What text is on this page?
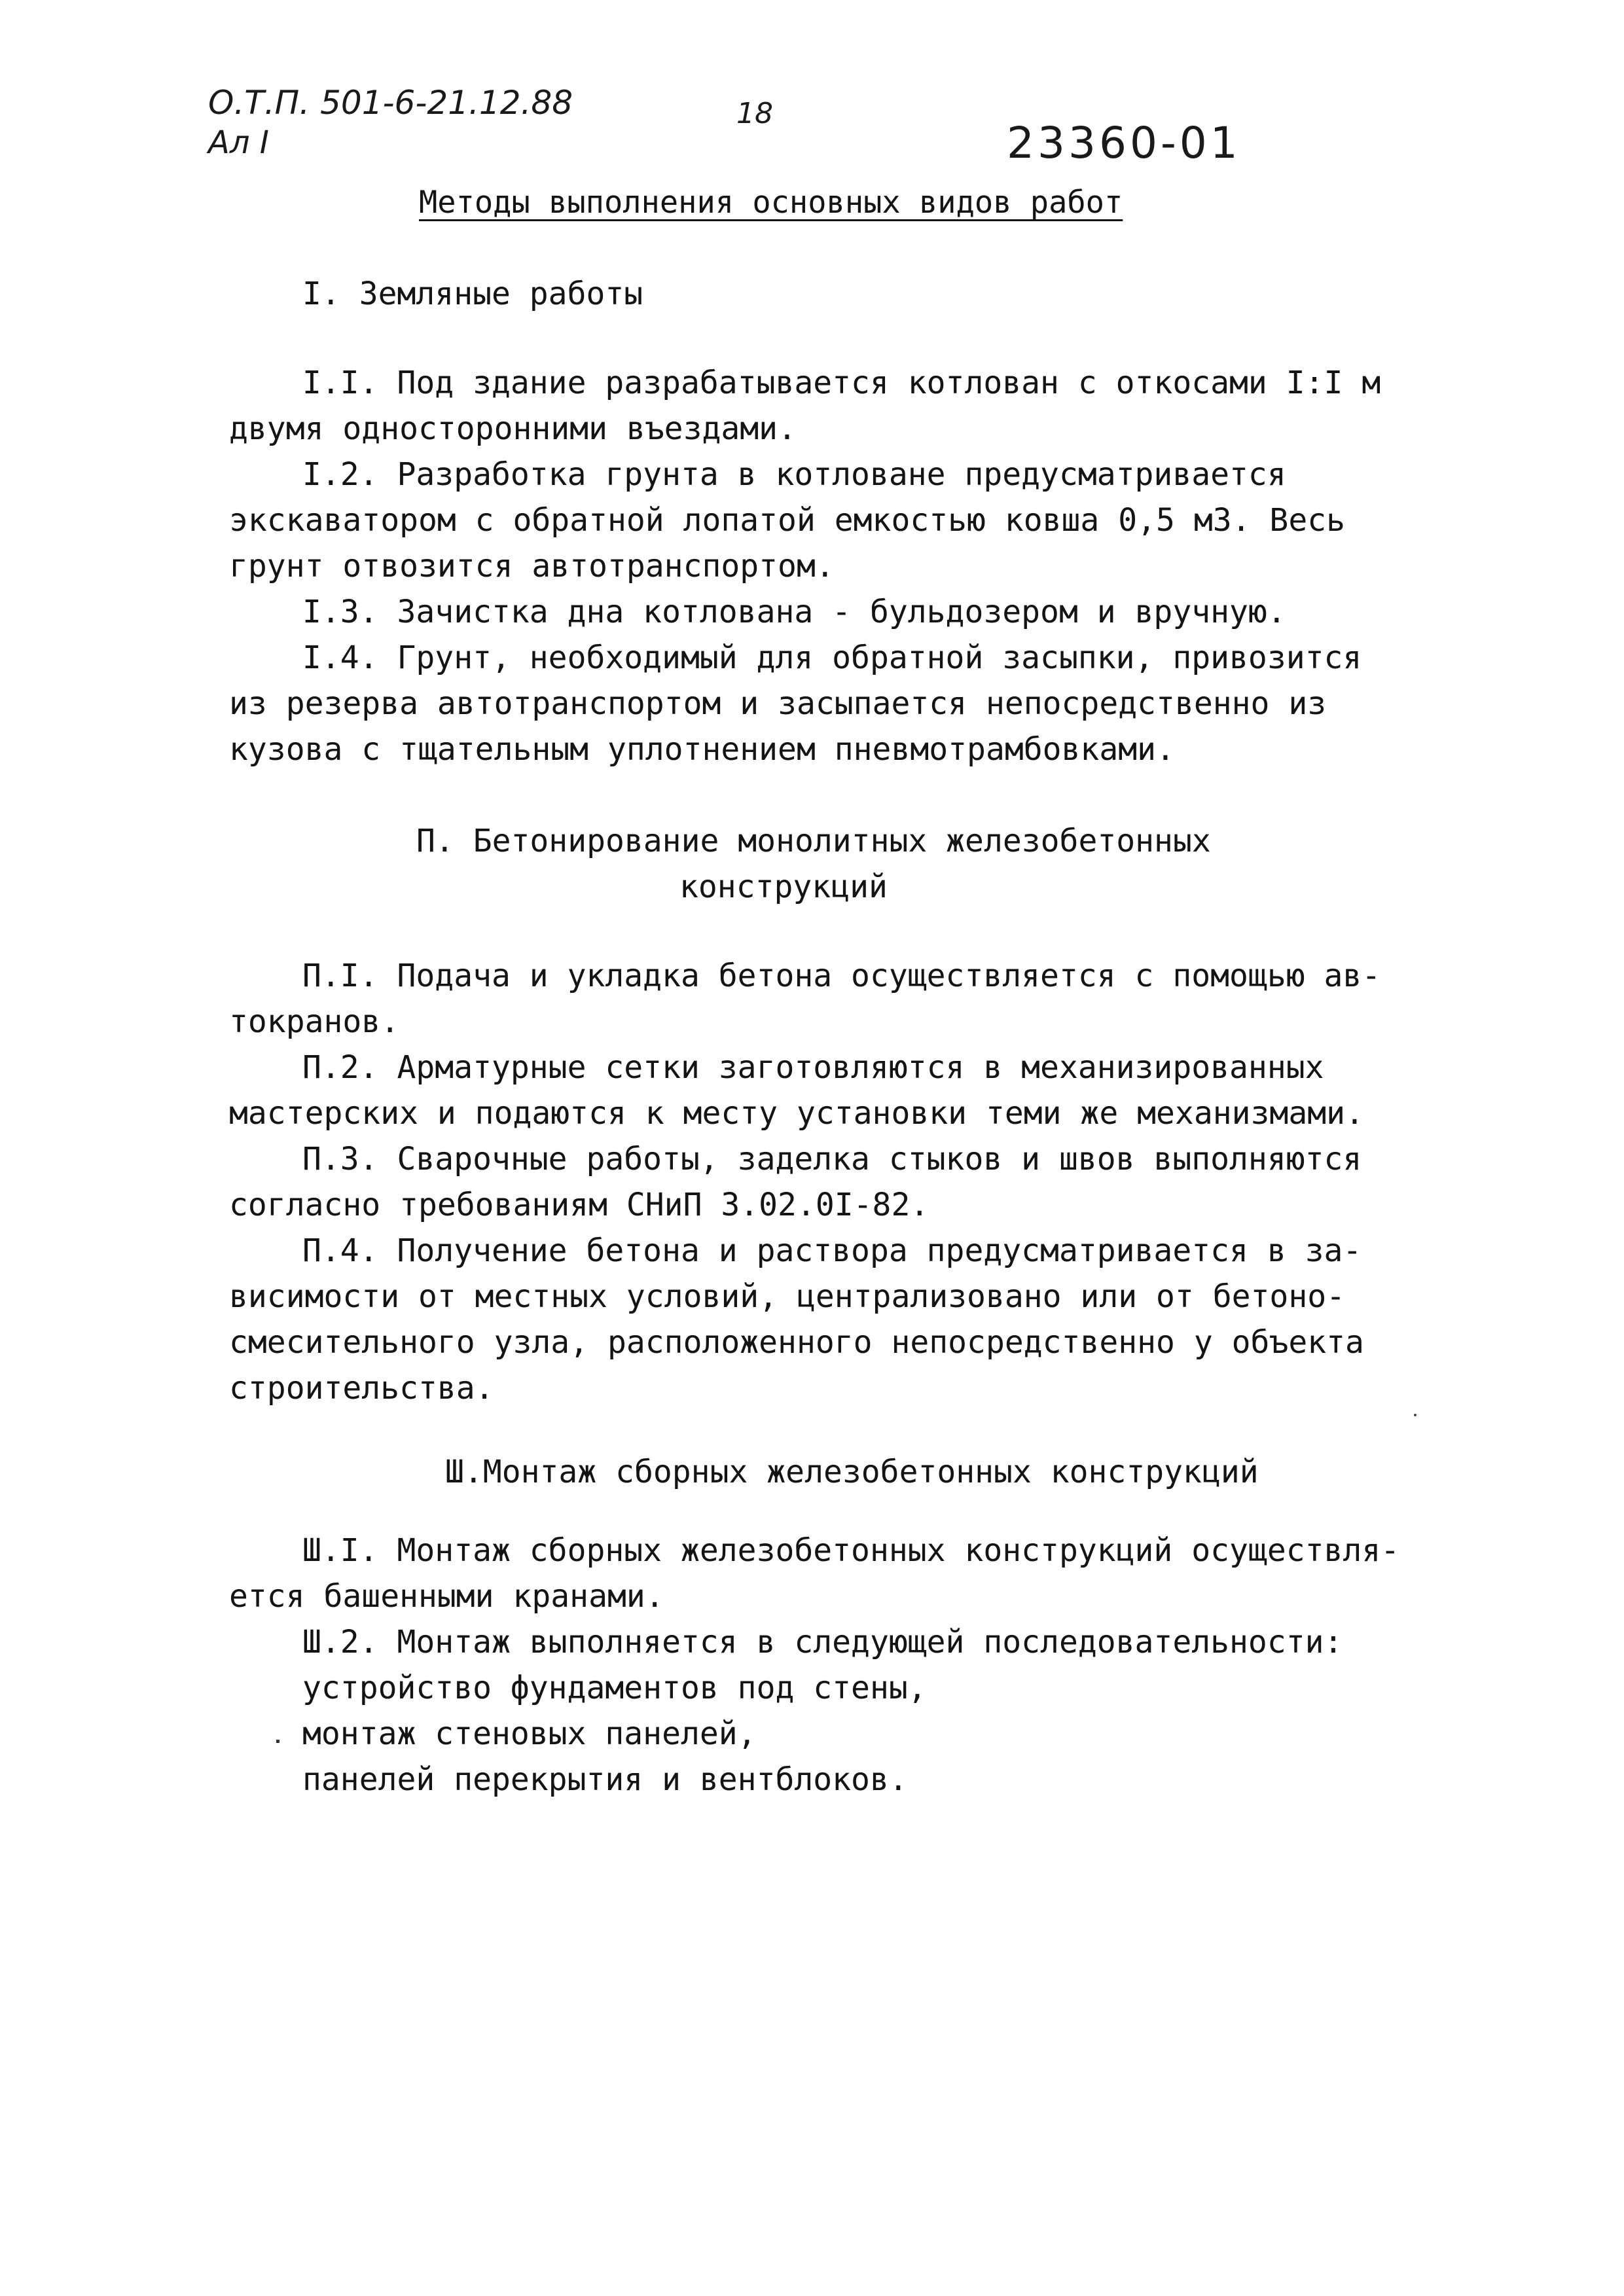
О.Т.П. 501-6-21.12.88
Ал I
18
23360-01
Методы выполнения основных видов работ
I. Земляные работы
I.I. Под здание разрабатывается котлован с откосами I:I м
двумя односторонними въездами.
I.2. Разработка грунта в котловане предусматривается
экскаватором с обратной лопатой емкостью ковша 0,5 м3. Весь
грунт отвозится автотранспортом.
I.3. Зачистка дна котлована - бульдозером и вручную.
I.4. Грунт, необходимый для обратной засыпки, привозится
из резерва автотранспортом и засыпается непосредственно из
кузова с тщательным уплотнением пневмотрамбовками.
П. Бетонирование монолитных железобетонных
конструкций
П.I. Подача и укладка бетона осуществляется с помощью ав-
токранов.
П.2. Арматурные сетки заготовляются в механизированных
мастерских и подаются к месту установки теми же механизмами.
П.3. Сварочные работы, заделка стыков и швов выполняются
согласно требованиям СНиП 3.02.0I-82.
П.4. Получение бетона и раствора предусматривается в за-
висимости от местных условий, централизовано или от бетоно-
смесительного узла, расположенного непосредственно у объекта
строительства.
Ш.Монтаж сборных железобетонных конструкций
Ш.I. Монтаж сборных железобетонных конструкций осуществля-
ется башенными кранами.
Ш.2. Монтаж выполняется в следующей последовательности:
устройство фундаментов под стены,
монтаж стеновых панелей,
панелей перекрытия и вентблоков.
